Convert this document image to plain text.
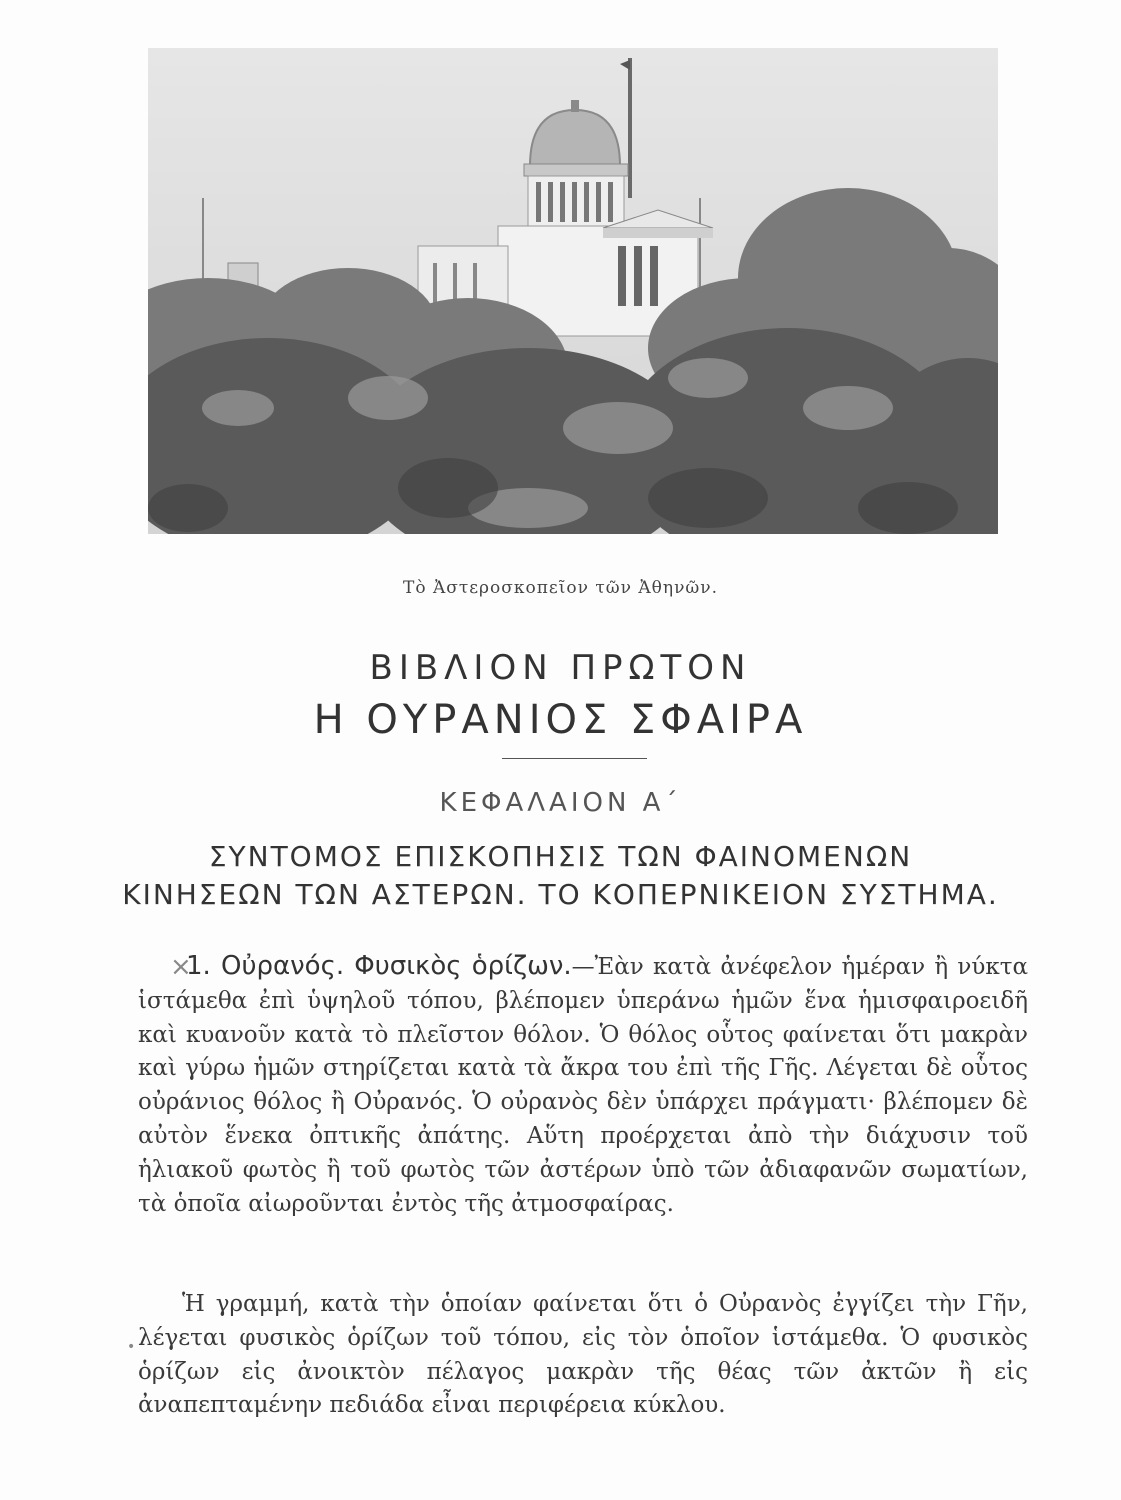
Τὸ Ἀστεροσκοπεῖον τῶν Ἀθηνῶν.
ΒΙΒΛΙΟΝ ΠΡΩΤΟΝ
Η ΟΥΡΑΝΙΟΣ ΣΦΑΙΡΑ
ΚΕΦΑΛΑΙΟΝ Α΄
ΣΥΝΤΟΜΟΣ ΕΠΙΣΚΟΠΗΣΙΣ ΤΩΝ ΦΑΙΝΟΜΕΝΩΝ
ΚΙΝΗΣΕΩΝ ΤΩΝ ΑΣΤΕΡΩΝ. ΤΟ ΚΟΠΕΡΝΙΚΕΙΟΝ ΣΥΣΤΗΜΑ.
×
•

1. Οὐρανός. Φυσικὸς ὁρίζων.—Ἐὰν κατὰ ἀνέφελον ἡμέραν ἢ νύκτα ἱστάμεθα ἐπὶ ὑψηλοῦ τόπου, βλέπομεν ὑπεράνω ἡμῶν ἕνα ἡμισφαιροειδῆ καὶ κυανοῦν κατὰ τὸ πλεῖστον θόλον. Ὁ θόλος οὗτος φαίνεται ὅτι μακρὰν καὶ γύρω ἡμῶν στηρίζεται κατὰ τὰ ἄκρα του ἐπὶ τῆς Γῆς. Λέγεται δὲ οὗτος οὐράνιος θόλος ἢ Οὐρανός. Ὁ οὐρανὸς δὲν ὑπάρχει πράγματι· βλέπομεν δὲ αὐτὸν ἕνεκα ὀπτικῆς ἀπάτης. Αὕτη προέρχεται ἀπὸ τὴν διάχυσιν τοῦ ἡλιακοῦ φωτὸς ἢ τοῦ φωτὸς τῶν ἀστέρων ὑπὸ τῶν ἀδιαφανῶν σωματίων, τὰ ὁποῖα αἰωροῦνται ἐντὸς τῆς ἀτμοσφαίρας.

Ἡ γραμμή, κατὰ τὴν ὁποίαν φαίνεται ὅτι ὁ Οὐρανὸς ἐγγίζει τὴν Γῆν, λέγεται φυσικὸς ὁρίζων τοῦ τόπου, εἰς τὸν ὁποῖον ἱστάμεθα. Ὁ φυσικὸς ὁρίζων εἰς ἀνοικτὸν πέλαγος μακρὰν τῆς θέας τῶν ἀκτῶν ἢ εἰς ἀναπεπταμένην πεδιάδα εἶναι περιφέρεια κύκλου.
